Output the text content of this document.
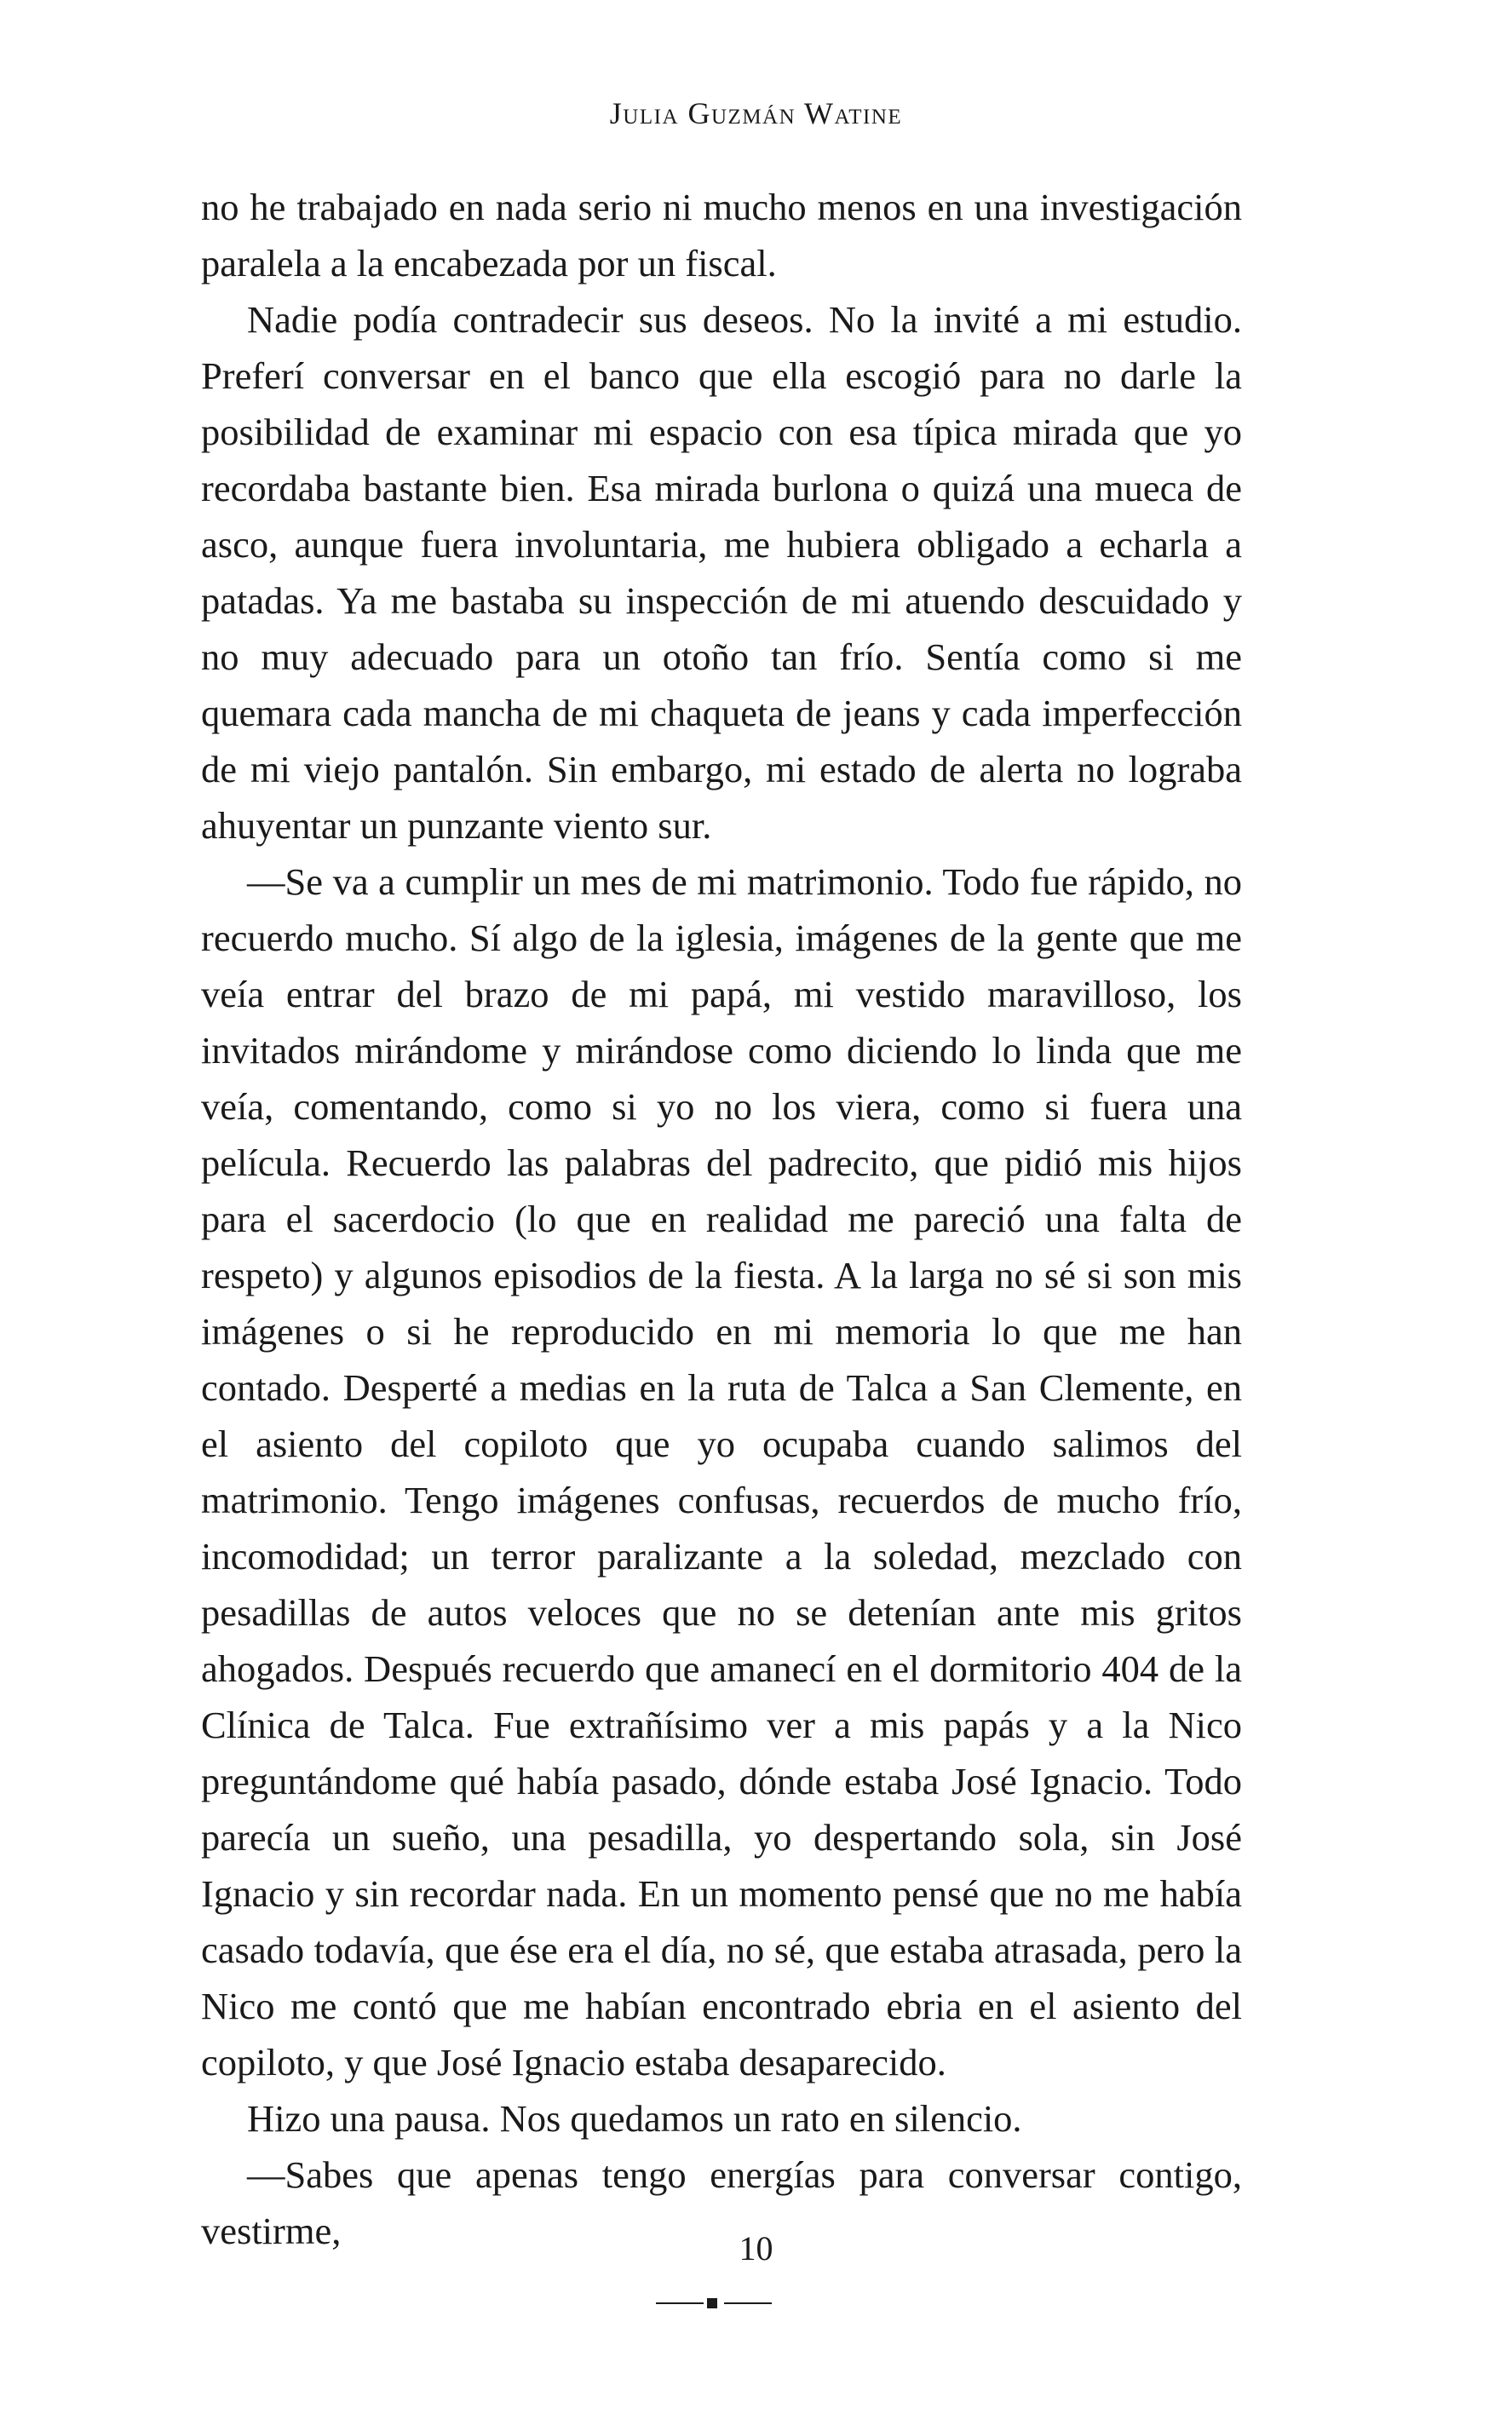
Julia Guzmán Watine

no he trabajado en nada serio ni mucho menos en una investigación paralela a la encabezada por un fiscal.

Nadie podía contradecir sus deseos. No la invité a mi estudio. Preferí conversar en el banco que ella escogió para no darle la posibilidad de examinar mi espacio con esa típica mirada que yo recordaba bastante bien. Esa mirada burlona o quizá una mueca de asco, aunque fuera involuntaria, me hubiera obligado a echarla a patadas. Ya me bastaba su inspección de mi atuendo descuidado y no muy adecuado para un otoño tan frío. Sentía como si me quemara cada mancha de mi chaqueta de jeans y cada imperfección de mi viejo pantalón. Sin embargo, mi estado de alerta no lograba ahuyentar un punzante viento sur.

—Se va a cumplir un mes de mi matrimonio. Todo fue rápido, no recuerdo mucho. Sí algo de la iglesia, imágenes de la gente que me veía entrar del brazo de mi papá, mi vestido maravilloso, los invitados mirándome y mirándose como diciendo lo linda que me veía, comentando, como si yo no los viera, como si fuera una película. Recuerdo las palabras del padrecito, que pidió mis hijos para el sacerdocio (lo que en realidad me pareció una falta de respeto) y algunos episodios de la fiesta. A la larga no sé si son mis imágenes o si he reproducido en mi memoria lo que me han contado. Desperté a medias en la ruta de Talca a San Clemente, en el asiento del copiloto que yo ocupaba cuando salimos del matrimonio. Tengo imágenes confusas, recuerdos de mucho frío, incomodidad; un terror paralizante a la soledad, mezclado con pesadillas de autos veloces que no se detenían ante mis gritos ahogados. Después recuerdo que amanecí en el dormitorio 404 de la Clínica de Talca. Fue extrañísimo ver a mis papás y a la Nico preguntándome qué había pasado, dónde estaba José Ignacio. Todo parecía un sueño, una pesadilla, yo despertando sola, sin José Ignacio y sin recordar nada. En un momento pensé que no me había casado todavía, que ése era el día, no sé, que estaba atrasada, pero la Nico me contó que me habían encontrado ebria en el asiento del copiloto, y que José Ignacio estaba desaparecido.

Hizo una pausa. Nos quedamos un rato en silencio.

—Sabes que apenas tengo energías para conversar contigo, vestirme,	10
